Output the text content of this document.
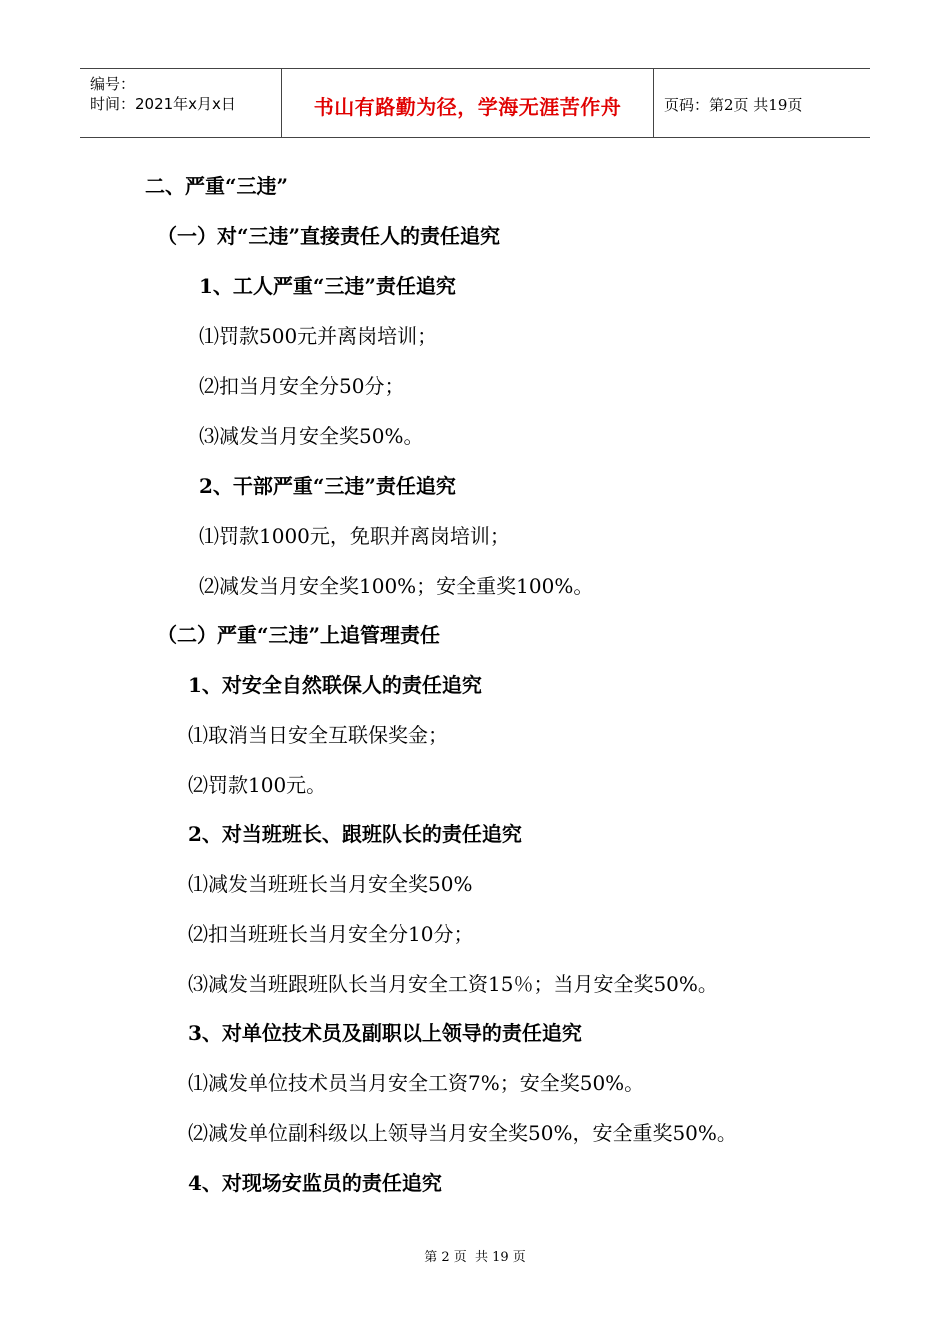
编号：
时间：2021年x月x日	书山有路勤为径，学海无涯苦作舟	页码：第2页 共19页
二、严重“三违”
（一）对“三违”直接责任人的责任追究
1、工人严重“三违”责任追究
⑴罚款500元并离岗培训；
⑵扣当月安全分50分；
⑶减发当月安全奖50%。
2、干部严重“三违”责任追究
⑴罚款1000元，免职并离岗培训；
⑵减发当月安全奖100%；安全重奖100%。
（二）严重“三违”上追管理责任
1、对安全自然联保人的责任追究
⑴取消当日安全互联保奖金；
⑵罚款100元。
2、对当班班长、跟班队长的责任追究
⑴减发当班班长当月安全奖50%
⑵扣当班班长当月安全分10分；
⑶减发当班跟班队长当月安全工资15％；当月安全奖50%。
3、对单位技术员及副职以上领导的责任追究
⑴减发单位技术员当月安全工资7%；安全奖50%。
⑵减发单位副科级以上领导当月安全奖50%，安全重奖50%。
4、对现场安监员的责任追究
第 2 页  共 19 页
